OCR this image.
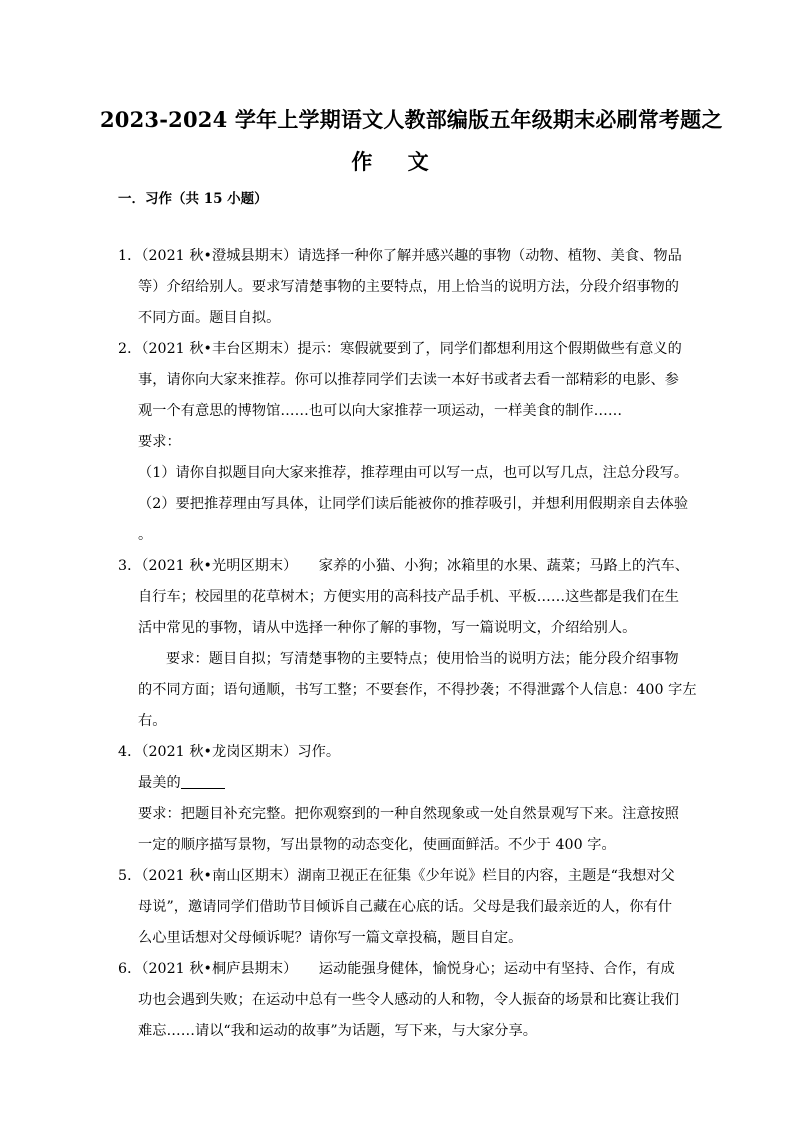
2023-2024 学年上学期语文人教部编版五年级期末必刷常考题之
作 文
一．习作（共 15 小题）
1．（2021 秋•澄城县期末）请选择一种你了解并感兴趣的事物（动物、植物、美食、物品
等）介绍给别人。要求写清楚事物的主要特点，用上恰当的说明方法，分段介绍事物的
不同方面。题目自拟。
2．（2021 秋•丰台区期末）提示：寒假就要到了，同学们都想利用这个假期做些有意义的
事，请你向大家来推荐。你可以推荐同学们去读一本好书或者去看一部精彩的电影、参
观一个有意思的博物馆……也可以向大家推荐一项运动，一样美食的制作……
要求：
（1）请你自拟题目向大家来推荐，推荐理由可以写一点，也可以写几点，注总分段写。
（2）要把推荐理由写具体，让同学们读后能被你的推荐吸引，并想利用假期亲自去体验
。
3．（2021 秋•光明区期末）　　家养的小猫、小狗；冰箱里的水果、蔬菜；马路上的汽车、
自行车；校园里的花草树木；方便实用的高科技产品手机、平板……这些都是我们在生
活中常见的事物，请从中选择一种你了解的事物，写一篇说明文，介绍给别人。
要求：题目自拟；写清楚事物的主要特点；使用恰当的说明方法；能分段介绍事物
的不同方面；语句通顺，书写工整；不要套作，不得抄袭；不得泄露个人信息：400 字左
右。
4．（2021 秋•龙岗区期末）习作。
最美的
要求：把题目补充完整。把你观察到的一种自然现象或一处自然景观写下来。注意按照
一定的顺序描写景物，写出景物的动态变化，使画面鲜活。不少于 400 字。
5．（2021 秋•南山区期末）湖南卫视正在征集《少年说》栏目的内容，主题是“我想对父
母说”，邀请同学们借助节目倾诉自己藏在心底的话。父母是我们最亲近的人，你有什
么心里话想对父母倾诉呢？请你写一篇文章投稿，题目自定。
6．（2021 秋•桐庐县期末）　　运动能强身健体，愉悦身心；运动中有坚持、合作，有成
功也会遇到失败；在运动中总有一些令人感动的人和物，令人振奋的场景和比赛让我们
难忘……请以“我和运动的故事”为话题，写下来，与大家分享。
